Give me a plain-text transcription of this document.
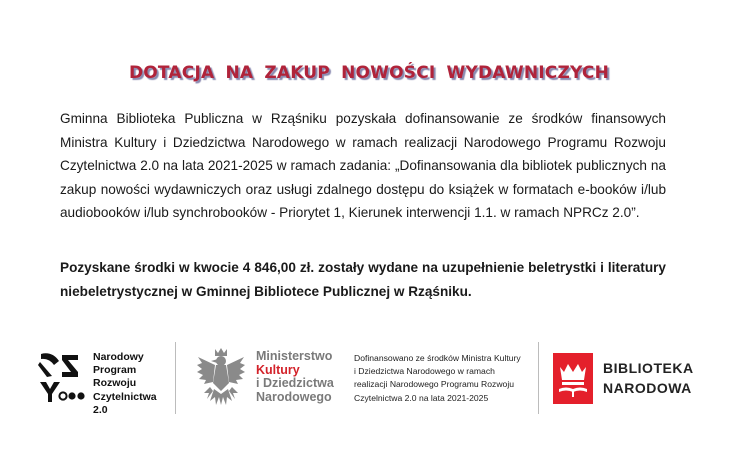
DOTACJA NA ZAKUP NOWOŚCI WYDAWNICZYCH

Gminna Biblioteka Publiczna w Rząśniku pozyskała dofinansowanie ze środków finansowych Ministra Kultury i Dziedzictwa Narodowego w ramach realizacji Narodowego Programu Rozwoju Czytelnictwa 2.0 na lata 2021-2025 w ramach zadania: „Dofinansowania dla bibliotek publicznych na zakup nowości wydawniczych oraz usługi zdalnego dostępu do książek w formatach e-booków i/lub audiobooków i/lub synchrobooków - Priorytet 1, Kierunek interwencji 1.1. w ramach NPRCz 2.0”.

Pozyskane środki w kwocie 4 846,00 zł. zostały wydane na uzupełnienie beletrystki i literatury niebeletrystycznej w Gminnej Bibliotece Publicznej w Rząśniku.

Narodowy
Program
Rozwoju
Czytelnictwa
2.0
Ministerstwo
Kultury
i Dziedzictwa
Narodowego
Dofinansowano ze środków Ministra Kultury
i Dziedzictwa Narodowego w ramach
realizacji Narodowego Programu Rozwoju
Czytelnictwa 2.0 na lata 2021-2025
BIBLIOTEKA
NARODOWA
